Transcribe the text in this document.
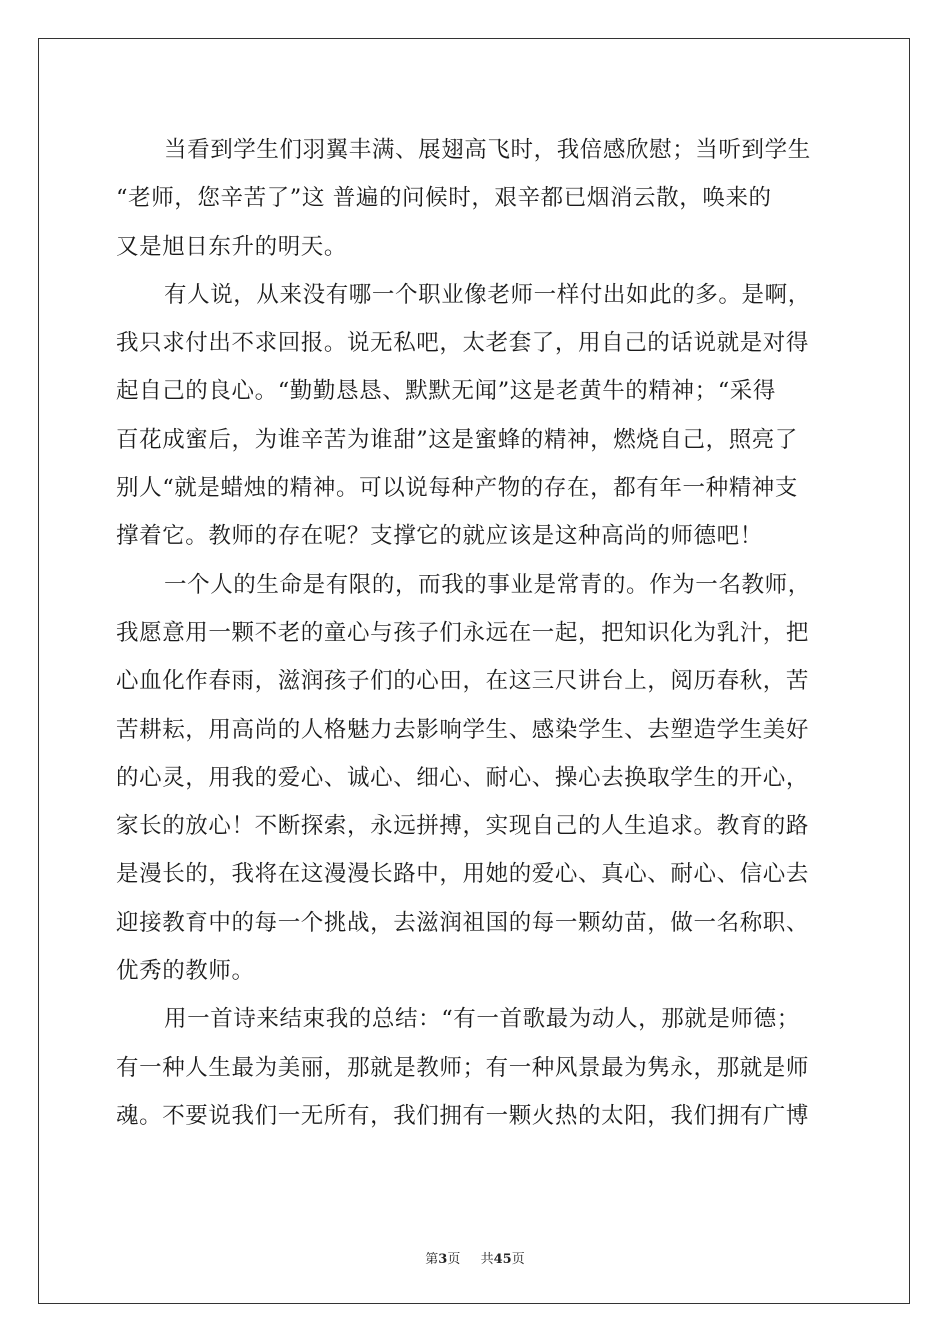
当看到学生们羽翼丰满、展翅高飞时，我倍感欣慰；当听到学生
“老师，您辛苦了”这 普遍的问候时，艰辛都已烟消云散，唤来的
又是旭日东升的明天。
有人说，从来没有哪一个职业像老师一样付出如此的多。是啊，
我只求付出不求回报。说无私吧，太老套了，用自己的话说就是对得
起自己的良心。“勤勤恳恳、默默无闻”这是老黄牛的精神；“采得
百花成蜜后，为谁辛苦为谁甜”这是蜜蜂的精神，燃烧自己，照亮了
别人“就是蜡烛的精神。可以说每种产物的存在，都有年一种精神支
撑着它。教师的存在呢？支撑它的就应该是这种高尚的师德吧！
一个人的生命是有限的，而我的事业是常青的。作为一名教师，
我愿意用一颗不老的童心与孩子们永远在一起，把知识化为乳汁，把
心血化作春雨，滋润孩子们的心田，在这三尺讲台上，阅历春秋，苦
苦耕耘，用高尚的人格魅力去影响学生、感染学生、去塑造学生美好
的心灵，用我的爱心、诚心、细心、耐心、操心去换取学生的开心，
家长的放心！不断探索，永远拼搏，实现自己的人生追求。教育的路
是漫长的，我将在这漫漫长路中，用她的爱心、真心、耐心、信心去
迎接教育中的每一个挑战，去滋润祖国的每一颗幼苗，做一名称职、
优秀的教师。
用一首诗来结束我的总结：“有一首歌最为动人，那就是师德；
有一种人生最为美丽，那就是教师；有一种风景最为隽永，那就是师
魂。不要说我们一无所有，我们拥有一颗火热的太阳，我们拥有广博
第3页 共45页
